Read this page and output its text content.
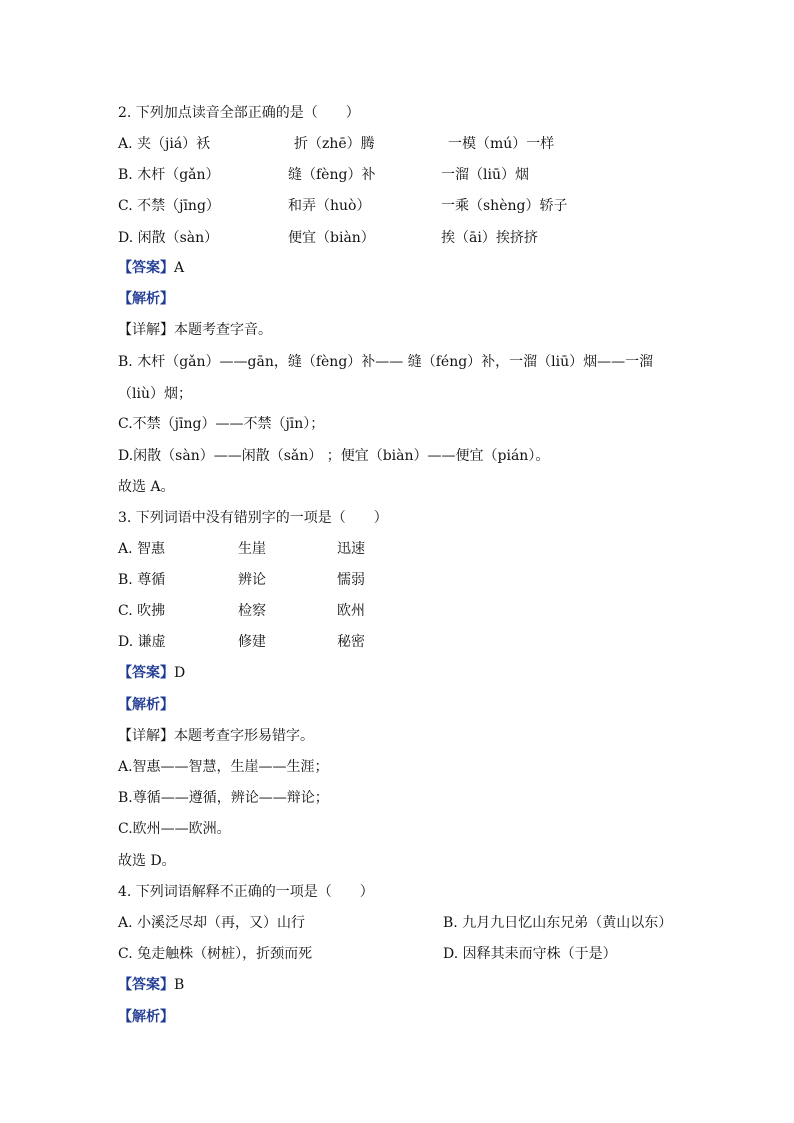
2. 下列加点读音全部正确的是（　　）
A. 夹（jiá）袄	折（zhē）腾	一模（mú）一样
B. 木杆（gǎn）	缝（fèng）补	一溜（liū）烟
C. 不禁（jīng）	和弄（huò）	一乘（shèng）轿子
D. 闲散（sàn）	便宜（biàn）	挨（āi）挨挤挤
【答案】A
【解析】
【详解】本题考查字音。
B. 木杆（gǎn）——gān，缝（fèng）补—— 缝（féng）补，一溜（liū）烟——一溜
（liù）烟；
C.不禁（jīng）——不禁（jīn）；
D.闲散（sàn）——闲散（sǎn） ；便宜（biàn）——便宜（pián）。
故选 A。
3. 下列词语中没有错别字的一项是（　　）
A. 智惠	生崖	迅速
B. 尊循	辨论	懦弱
C. 吹拂	检察	欧州
D. 谦虚	修建	秘密
【答案】D
【解析】
【详解】本题考查字形易错字。
A.智惠——智慧，生崖——生涯；
B.尊循——遵循，辨论——辩论；
C.欧州——欧洲。
故选 D。
4. 下列词语解释不正确的一项是（　　）
A. 小溪泛尽却（再，又）山行	B. 九月九日忆山东兄弟（黄山以东）
C. 兔走触株（树桩），折颈而死	D. 因释其耒而守株（于是）
【答案】B
【解析】
